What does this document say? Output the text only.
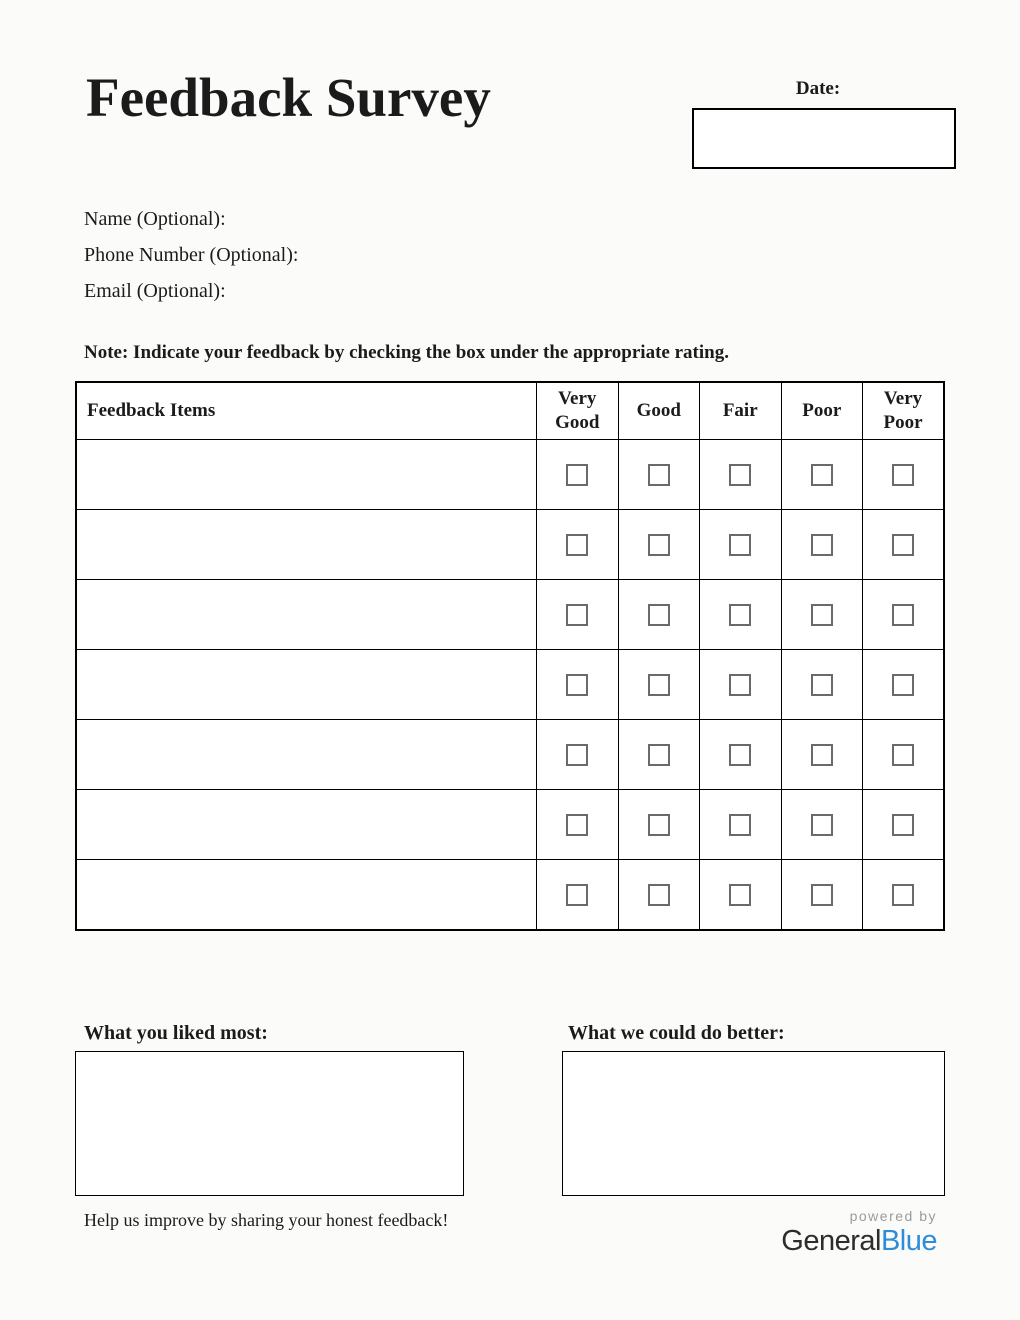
Feedback Survey	Date:
Name (Optional):
Phone Number (Optional):
Email (Optional):

Note: Indicate your feedback by checking the box under the appropriate rating.

Feedback Items	Very Good	Good	Fair	Poor	Very Poor

What you liked most:	What we could do better:
Help us improve by sharing your honest feedback!	powered by
GeneralBlue
